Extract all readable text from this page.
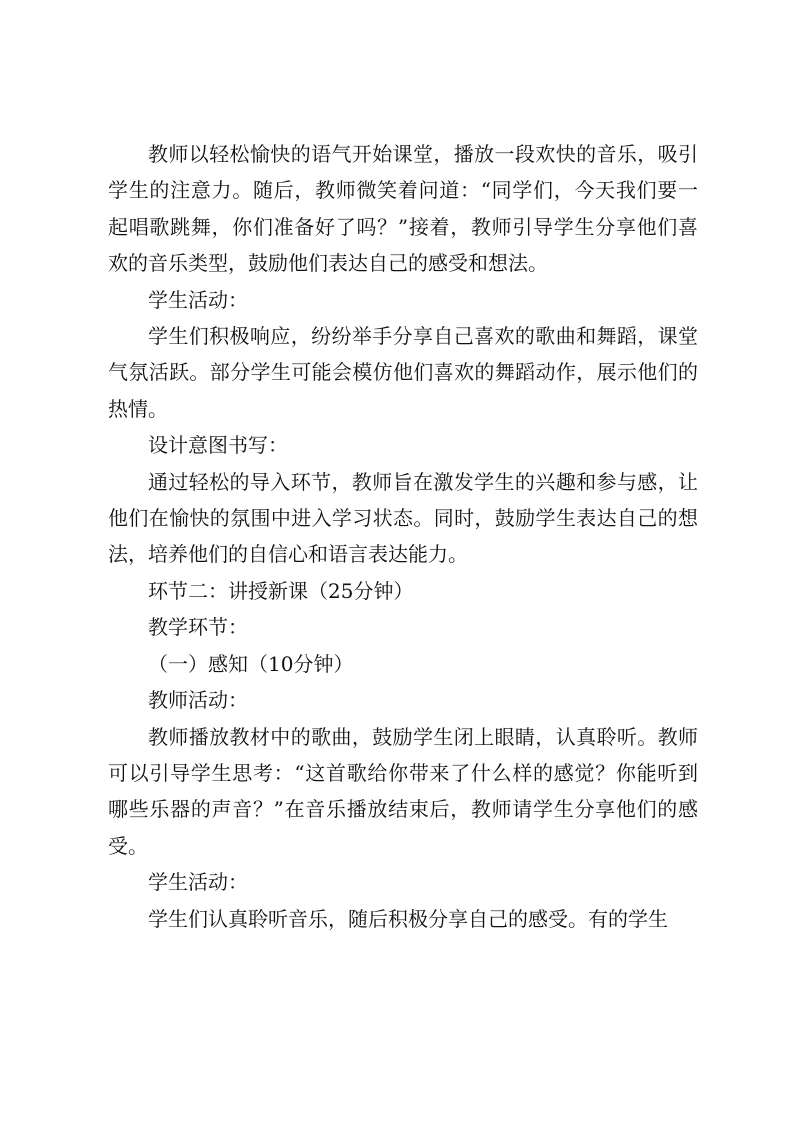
教师以轻松愉快的语气开始课堂，播放一段欢快的音乐，吸引学生的注意力。随后，教师微笑着问道：“同学们，今天我们要一起唱歌跳舞，你们准备好了吗？”接着，教师引导学生分享他们喜欢的音乐类型，鼓励他们表达自己的感受和想法。

学生活动：

学生们积极响应，纷纷举手分享自己喜欢的歌曲和舞蹈，课堂气氛活跃。部分学生可能会模仿他们喜欢的舞蹈动作，展示他们的热情。

设计意图书写：

通过轻松的导入环节，教师旨在激发学生的兴趣和参与感，让他们在愉快的氛围中进入学习状态。同时，鼓励学生表达自己的想法，培养他们的自信心和语言表达能力。

环节二：讲授新课（25分钟）

教学环节：

（一）感知（10分钟）

教师活动：

教师播放教材中的歌曲，鼓励学生闭上眼睛，认真聆听。教师可以引导学生思考：“这首歌给你带来了什么样的感觉？你能听到哪些乐器的声音？”在音乐播放结束后，教师请学生分享他们的感受。

学生活动：

学生们认真聆听音乐，随后积极分享自己的感受。有的学生
